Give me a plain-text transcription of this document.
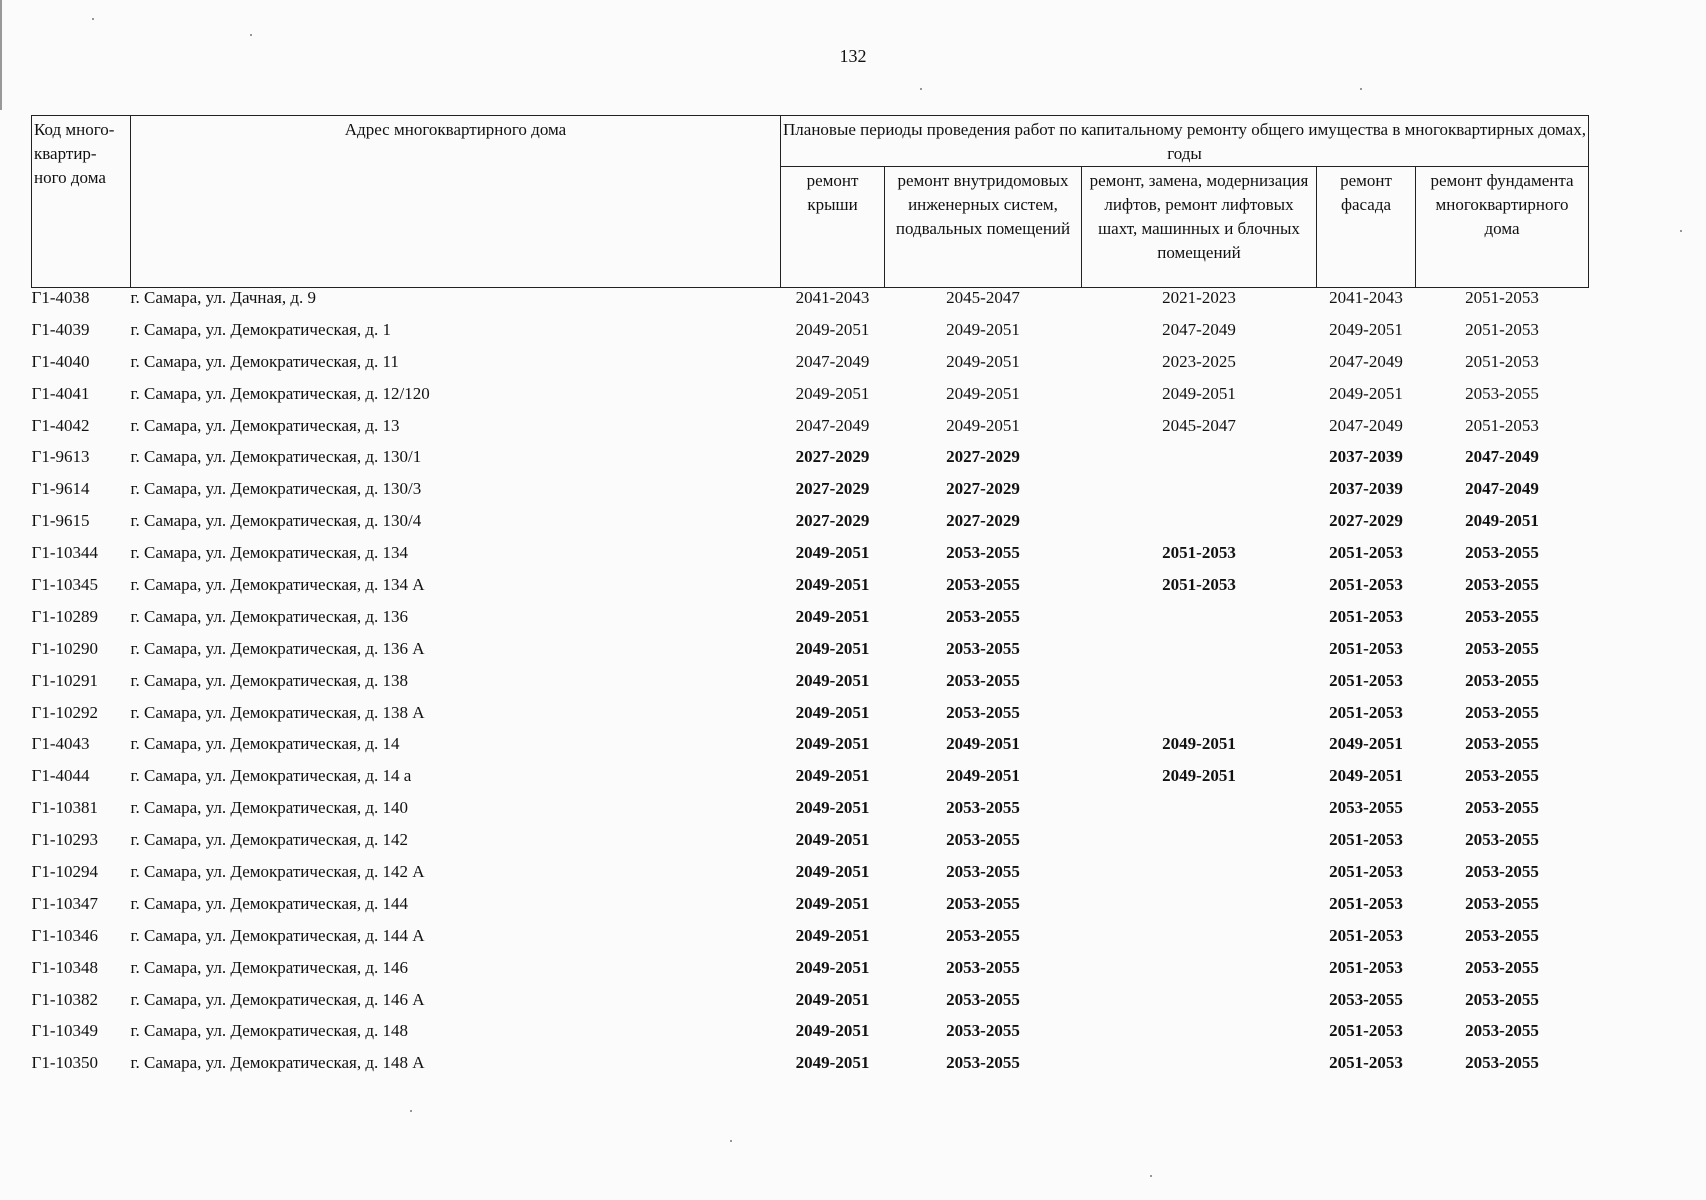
132
Код много-квартир-ного дома	Адрес многоквартирного дома	Плановые периоды проведения работ по капитальному ремонту общего имущества в многоквартирных домах, годы				
		ремонт крыши	ремонт внутридомовых инженерных систем, подвальных помещений	ремонт, замена, модернизация лифтов, ремонт лифтовых шахт, машинных и блочных помещений	ремонт фасада	ремонт фундамента многоквартирного дома
Г1-4038	г. Самара, ул. Дачная, д. 9	2041-2043	2045-2047	2021-2023	2041-2043	2051-2053
Г1-4039	г. Самара, ул. Демократическая, д. 1	2049-2051	2049-2051	2047-2049	2049-2051	2051-2053
Г1-4040	г. Самара, ул. Демократическая, д. 11	2047-2049	2049-2051	2023-2025	2047-2049	2051-2053
Г1-4041	г. Самара, ул. Демократическая, д. 12/120	2049-2051	2049-2051	2049-2051	2049-2051	2053-2055
Г1-4042	г. Самара, ул. Демократическая, д. 13	2047-2049	2049-2051	2045-2047	2047-2049	2051-2053
Г1-9613	г. Самара, ул. Демократическая, д. 130/1	2027-2029	2027-2029		2037-2039	2047-2049
Г1-9614	г. Самара, ул. Демократическая, д. 130/3	2027-2029	2027-2029		2037-2039	2047-2049
Г1-9615	г. Самара, ул. Демократическая, д. 130/4	2027-2029	2027-2029		2027-2029	2049-2051
Г1-10344	г. Самара, ул. Демократическая, д. 134	2049-2051	2053-2055	2051-2053	2051-2053	2053-2055
Г1-10345	г. Самара, ул. Демократическая, д. 134 А	2049-2051	2053-2055	2051-2053	2051-2053	2053-2055
Г1-10289	г. Самара, ул. Демократическая, д. 136	2049-2051	2053-2055		2051-2053	2053-2055
Г1-10290	г. Самара, ул. Демократическая, д. 136 А	2049-2051	2053-2055		2051-2053	2053-2055
Г1-10291	г. Самара, ул. Демократическая, д. 138	2049-2051	2053-2055		2051-2053	2053-2055
Г1-10292	г. Самара, ул. Демократическая, д. 138 А	2049-2051	2053-2055		2051-2053	2053-2055
Г1-4043	г. Самара, ул. Демократическая, д. 14	2049-2051	2049-2051	2049-2051	2049-2051	2053-2055
Г1-4044	г. Самара, ул. Демократическая, д. 14 а	2049-2051	2049-2051	2049-2051	2049-2051	2053-2055
Г1-10381	г. Самара, ул. Демократическая, д. 140	2049-2051	2053-2055		2053-2055	2053-2055
Г1-10293	г. Самара, ул. Демократическая, д. 142	2049-2051	2053-2055		2051-2053	2053-2055
Г1-10294	г. Самара, ул. Демократическая, д. 142 А	2049-2051	2053-2055		2051-2053	2053-2055
Г1-10347	г. Самара, ул. Демократическая, д. 144	2049-2051	2053-2055		2051-2053	2053-2055
Г1-10346	г. Самара, ул. Демократическая, д. 144 А	2049-2051	2053-2055		2051-2053	2053-2055
Г1-10348	г. Самара, ул. Демократическая, д. 146	2049-2051	2053-2055		2051-2053	2053-2055
Г1-10382	г. Самара, ул. Демократическая, д. 146 А	2049-2051	2053-2055		2053-2055	2053-2055
Г1-10349	г. Самара, ул. Демократическая, д. 148	2049-2051	2053-2055		2051-2053	2053-2055
Г1-10350	г. Самара, ул. Демократическая, д. 148 А	2049-2051	2053-2055		2051-2053	2053-2055
